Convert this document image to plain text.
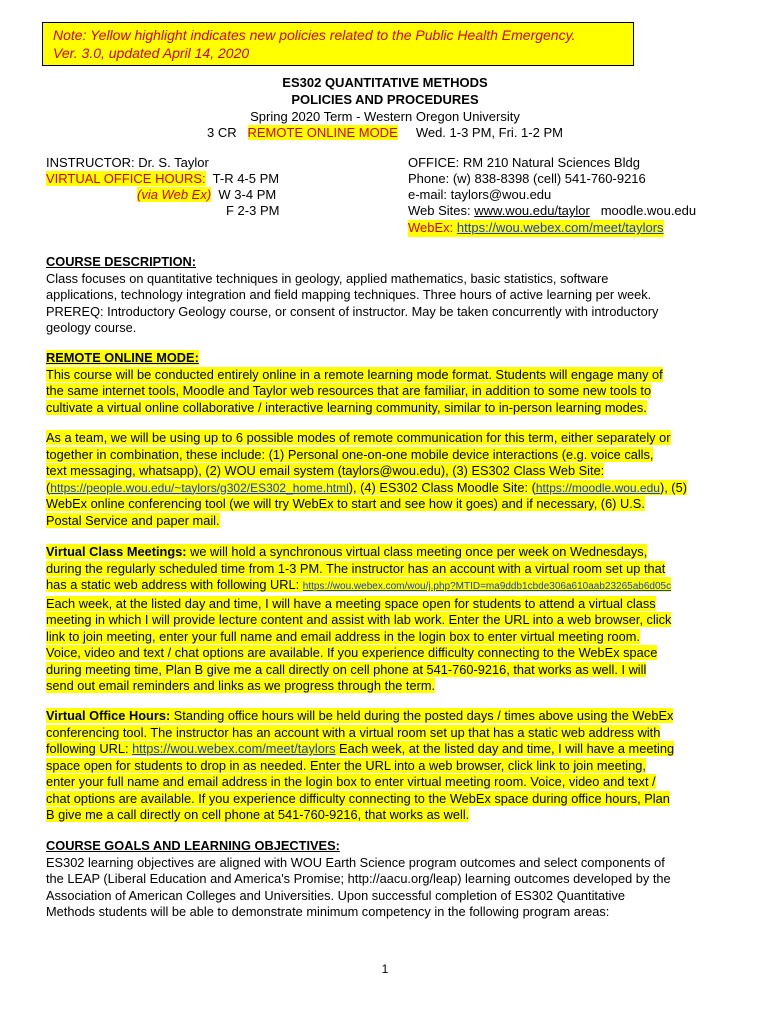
Note: Yellow highlight indicates new policies related to the Public Health Emergency.
Ver. 3.0, updated April 14, 2020
ES302 QUANTITATIVE METHODS
POLICIES AND PROCEDURES
Spring 2020 Term - Western Oregon University
3 CR REMOTE ONLINE MODE Wed. 1-3 PM, Fri. 1-2 PM
INSTRUCTOR: Dr. S. Taylor
VIRTUAL OFFICE HOURS: T-R 4-5 PM
(via Web Ex) W 3-4 PM
F 2-3 PM
OFFICE: RM 210 Natural Sciences Bldg
Phone: (w) 838-8398 (cell) 541-760-9216
e-mail: taylors@wou.edu
Web Sites: www.wou.edu/taylor moodle.wou.edu
WebEx: https://wou.webex.com/meet/taylors
COURSE DESCRIPTION:
Class focuses on quantitative techniques in geology, applied mathematics, basic statistics, software
applications, technology integration and field mapping techniques. Three hours of active learning per week.
PREREQ: Introductory Geology course, or consent of instructor. May be taken concurrently with introductory
geology course.
REMOTE ONLINE MODE:
This course will be conducted entirely online in a remote learning mode format. Students will engage many of
the same internet tools, Moodle and Taylor web resources that are familiar, in addition to some new tools to
cultivate a virtual online collaborative / interactive learning community, similar to in-person learning modes.
As a team, we will be using up to 6 possible modes of remote communication for this term, either separately or
together in combination, these include: (1) Personal one-on-one mobile device interactions (e.g. voice calls,
text messaging, whatsapp), (2) WOU email system (taylors@wou.edu), (3) ES302 Class Web Site:
(https://people.wou.edu/~taylors/g302/ES302_home.html), (4) ES302 Class Moodle Site: (https://moodle.wou.edu), (5)
WebEx online conferencing tool (we will try WebEx to start and see how it goes) and if necessary, (6) U.S.
Postal Service and paper mail.
Virtual Class Meetings: we will hold a synchronous virtual class meeting once per week on Wednesdays,
during the regularly scheduled time from 1-3 PM. The instructor has an account with a virtual room set up that
has a static web address with following URL: https://wou.webex.com/wou/j.php?MTID=ma9ddb1cbde306a610aab23265ab6d05c
Each week, at the listed day and time, I will have a meeting space open for students to attend a virtual class
meeting in which I will provide lecture content and assist with lab work. Enter the URL into a web browser, click
link to join meeting, enter your full name and email address in the login box to enter virtual meeting room.
Voice, video and text / chat options are available. If you experience difficulty connecting to the WebEx space
during meeting time, Plan B give me a call directly on cell phone at 541-760-9216, that works as well. I will
send out email reminders and links as we progress through the term.
Virtual Office Hours: Standing office hours will be held during the posted days / times above using the WebEx
conferencing tool. The instructor has an account with a virtual room set up that has a static web address with
following URL: https://wou.webex.com/meet/taylors Each week, at the listed day and time, I will have a meeting
space open for students to drop in as needed. Enter the URL into a web browser, click link to join meeting,
enter your full name and email address in the login box to enter virtual meeting room. Voice, video and text /
chat options are available. If you experience difficulty connecting to the WebEx space during office hours, Plan
B give me a call directly on cell phone at 541-760-9216, that works as well.
COURSE GOALS AND LEARNING OBJECTIVES:
ES302 learning objectives are aligned with WOU Earth Science program outcomes and select components of
the LEAP (Liberal Education and America's Promise; http://aacu.org/leap) learning outcomes developed by the
Association of American Colleges and Universities. Upon successful completion of ES302 Quantitative
Methods students will be able to demonstrate minimum competency in the following program areas:
1
